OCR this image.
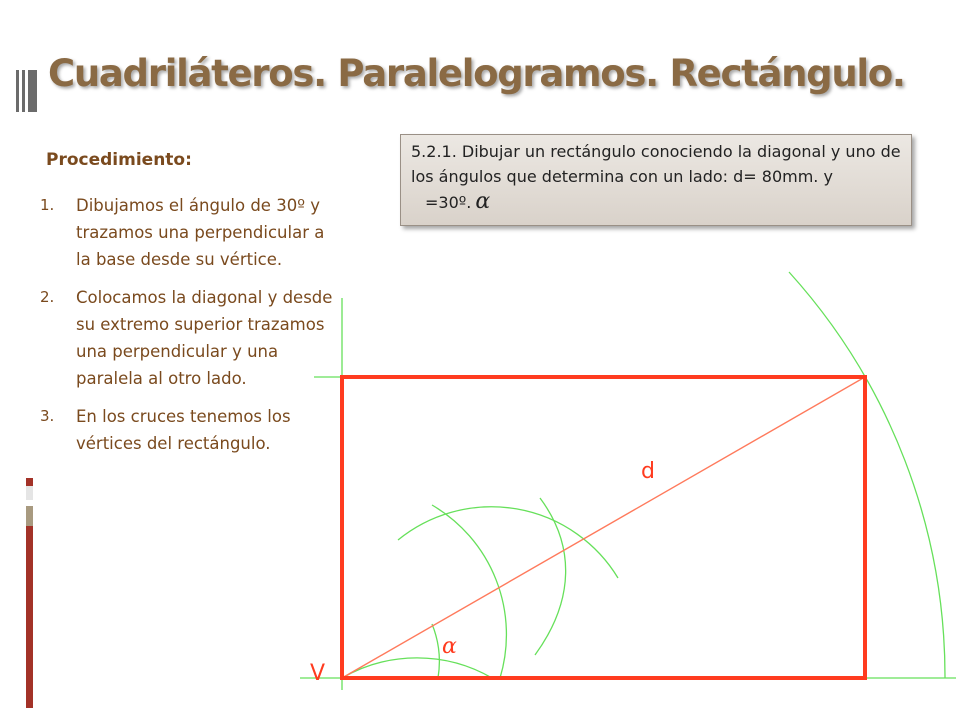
Cuadriláteros. Paralelogramos. Rectángulo.
Procedimiento:
1.	Dibujamos el ángulo de 30º y trazamos una perpendicular a la base desde su vértice.
2.	Colocamos la diagonal y desde su extremo superior trazamos una perpendicular y una paralela al otro lado.
3.	En los cruces tenemos los vértices del rectángulo.
5.2.1. Dibujar un rectángulo conociendo la diagonal y uno de los ángulos que determina con un lado: d= 80mm. y =30º. α
d
α
V
